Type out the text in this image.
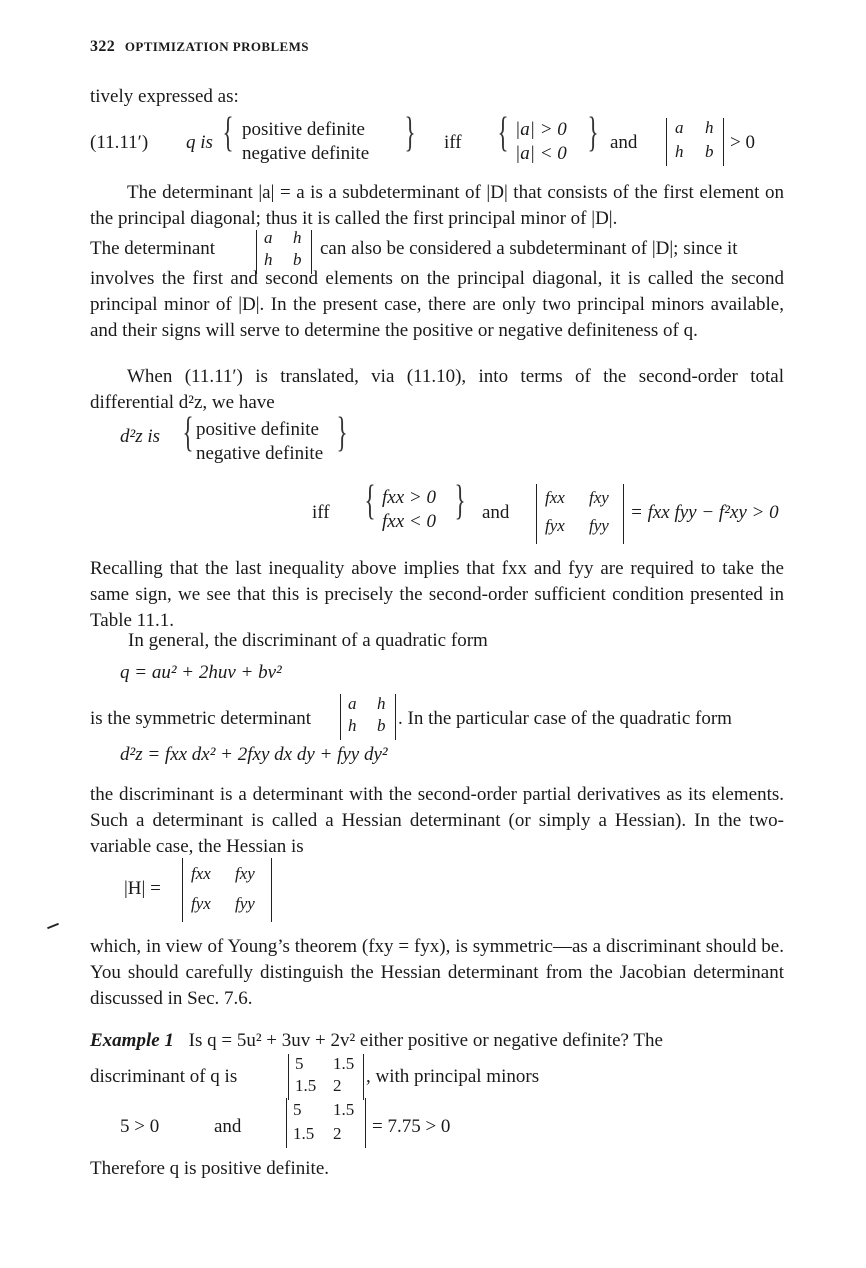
322 OPTIMIZATION PROBLEMS
tively expressed as:
(11.11′) q is { positive definite
negative definite } iff { |a| > 0
|a| < 0 } and
a h
h b > 0
The determinant |a| = a is a subdeterminant of |D| that consists of the first element on the principal diagonal; thus it is called the first principal minor of |D|.
The determinant
a h
h b
can also be considered a subdeterminant of |D|; since it
involves the first and second elements on the principal diagonal, it is called the second principal minor of |D|. In the present case, there are only two principal minors available, and their signs will serve to determine the positive or negative definiteness of q.
When (11.11′) is translated, via (11.10), into terms of the second-order total differential d²z, we have
d²z is { positive definite
negative definite }
iff { fxx > 0
fxx < 0 } and
fxx fxy
fyx fyy
= fxx fyy − f²xy > 0
Recalling that the last inequality above implies that fxx and fyy are required to take the same sign, we see that this is precisely the second-order sufficient condition presented in Table 11.1.
In general, the discriminant of a quadratic form
q = au² + 2huv + bv²
is the symmetric determinant
a h
h b . In the particular case of the quadratic form
d²z = fxx dx² + 2fxy dx dy + fyy dy²
the discriminant is a determinant with the second-order partial derivatives as its elements. Such a determinant is called a Hessian determinant (or simply a Hessian). In the two-variable case, the Hessian is
|H| =
fxx fxy
fyx fyy
which, in view of Young’s theorem (fxy = fyx), is symmetric—as a discriminant should be. You should carefully distinguish the Hessian determinant from the Jacobian determinant discussed in Sec. 7.6.
Example 1 Is q = 5u² + 3uv + 2v² either positive or negative definite? The
discriminant of q is
5 1.5
1.5 2 , with principal minors
5 > 0	and
5 1.5
1.5 2 = 7.75 > 0
Therefore q is positive definite.
